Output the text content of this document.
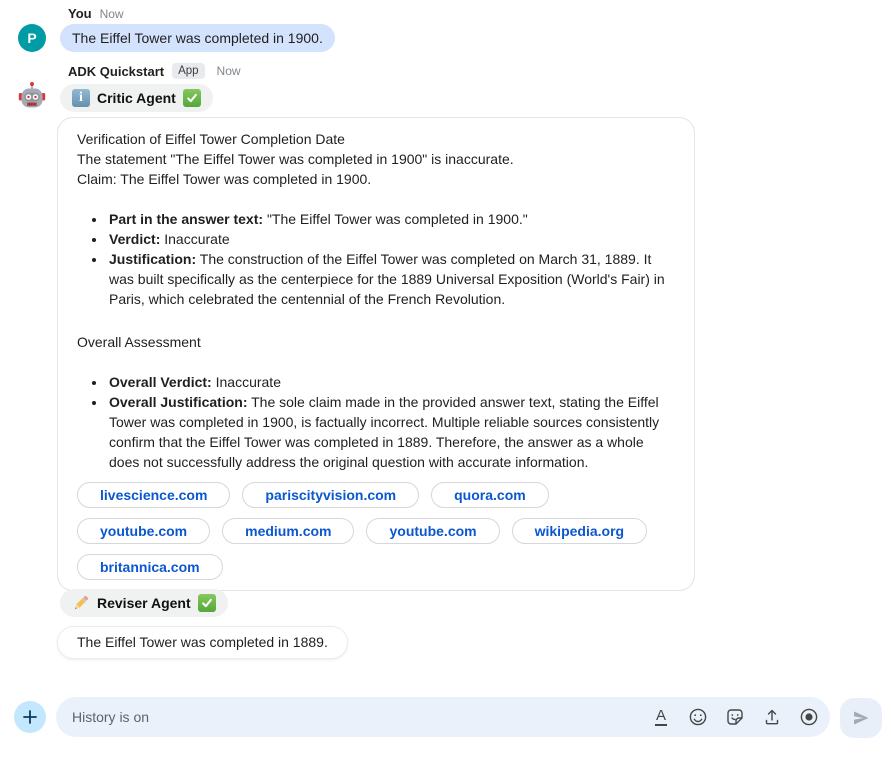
You Now
P	The Eiffel Tower was completed in 1900.
ADK Quickstart	App	Now
i Critic Agent
Verification of Eiffel Tower Completion Date
The statement "The Eiffel Tower was completed in 1900" is inaccurate.
Claim: The Eiffel Tower was completed in 1900.
• Part in the answer text: "The Eiffel Tower was completed in 1900."
• Verdict: Inaccurate
• Justification: The construction of the Eiffel Tower was completed on March 31, 1889. It was built specifically as the centerpiece for the 1889 Universal Exposition (World's Fair) in Paris, which celebrated the centennial of the French Revolution.
Overall Assessment
• Overall Verdict: Inaccurate
• Overall Justification: The sole claim made in the provided answer text, stating the Eiffel Tower was completed in 1900, is factually incorrect. Multiple reliable sources consistently confirm that the Eiffel Tower was completed in 1889. Therefore, the answer as a whole does not successfully address the original question with accurate information.
livescience.com	pariscityvision.com	quora.com
youtube.com	medium.com	youtube.com	wikipedia.org
britannica.com
Reviser Agent
The Eiffel Tower was completed in 1889.
History is on
A
